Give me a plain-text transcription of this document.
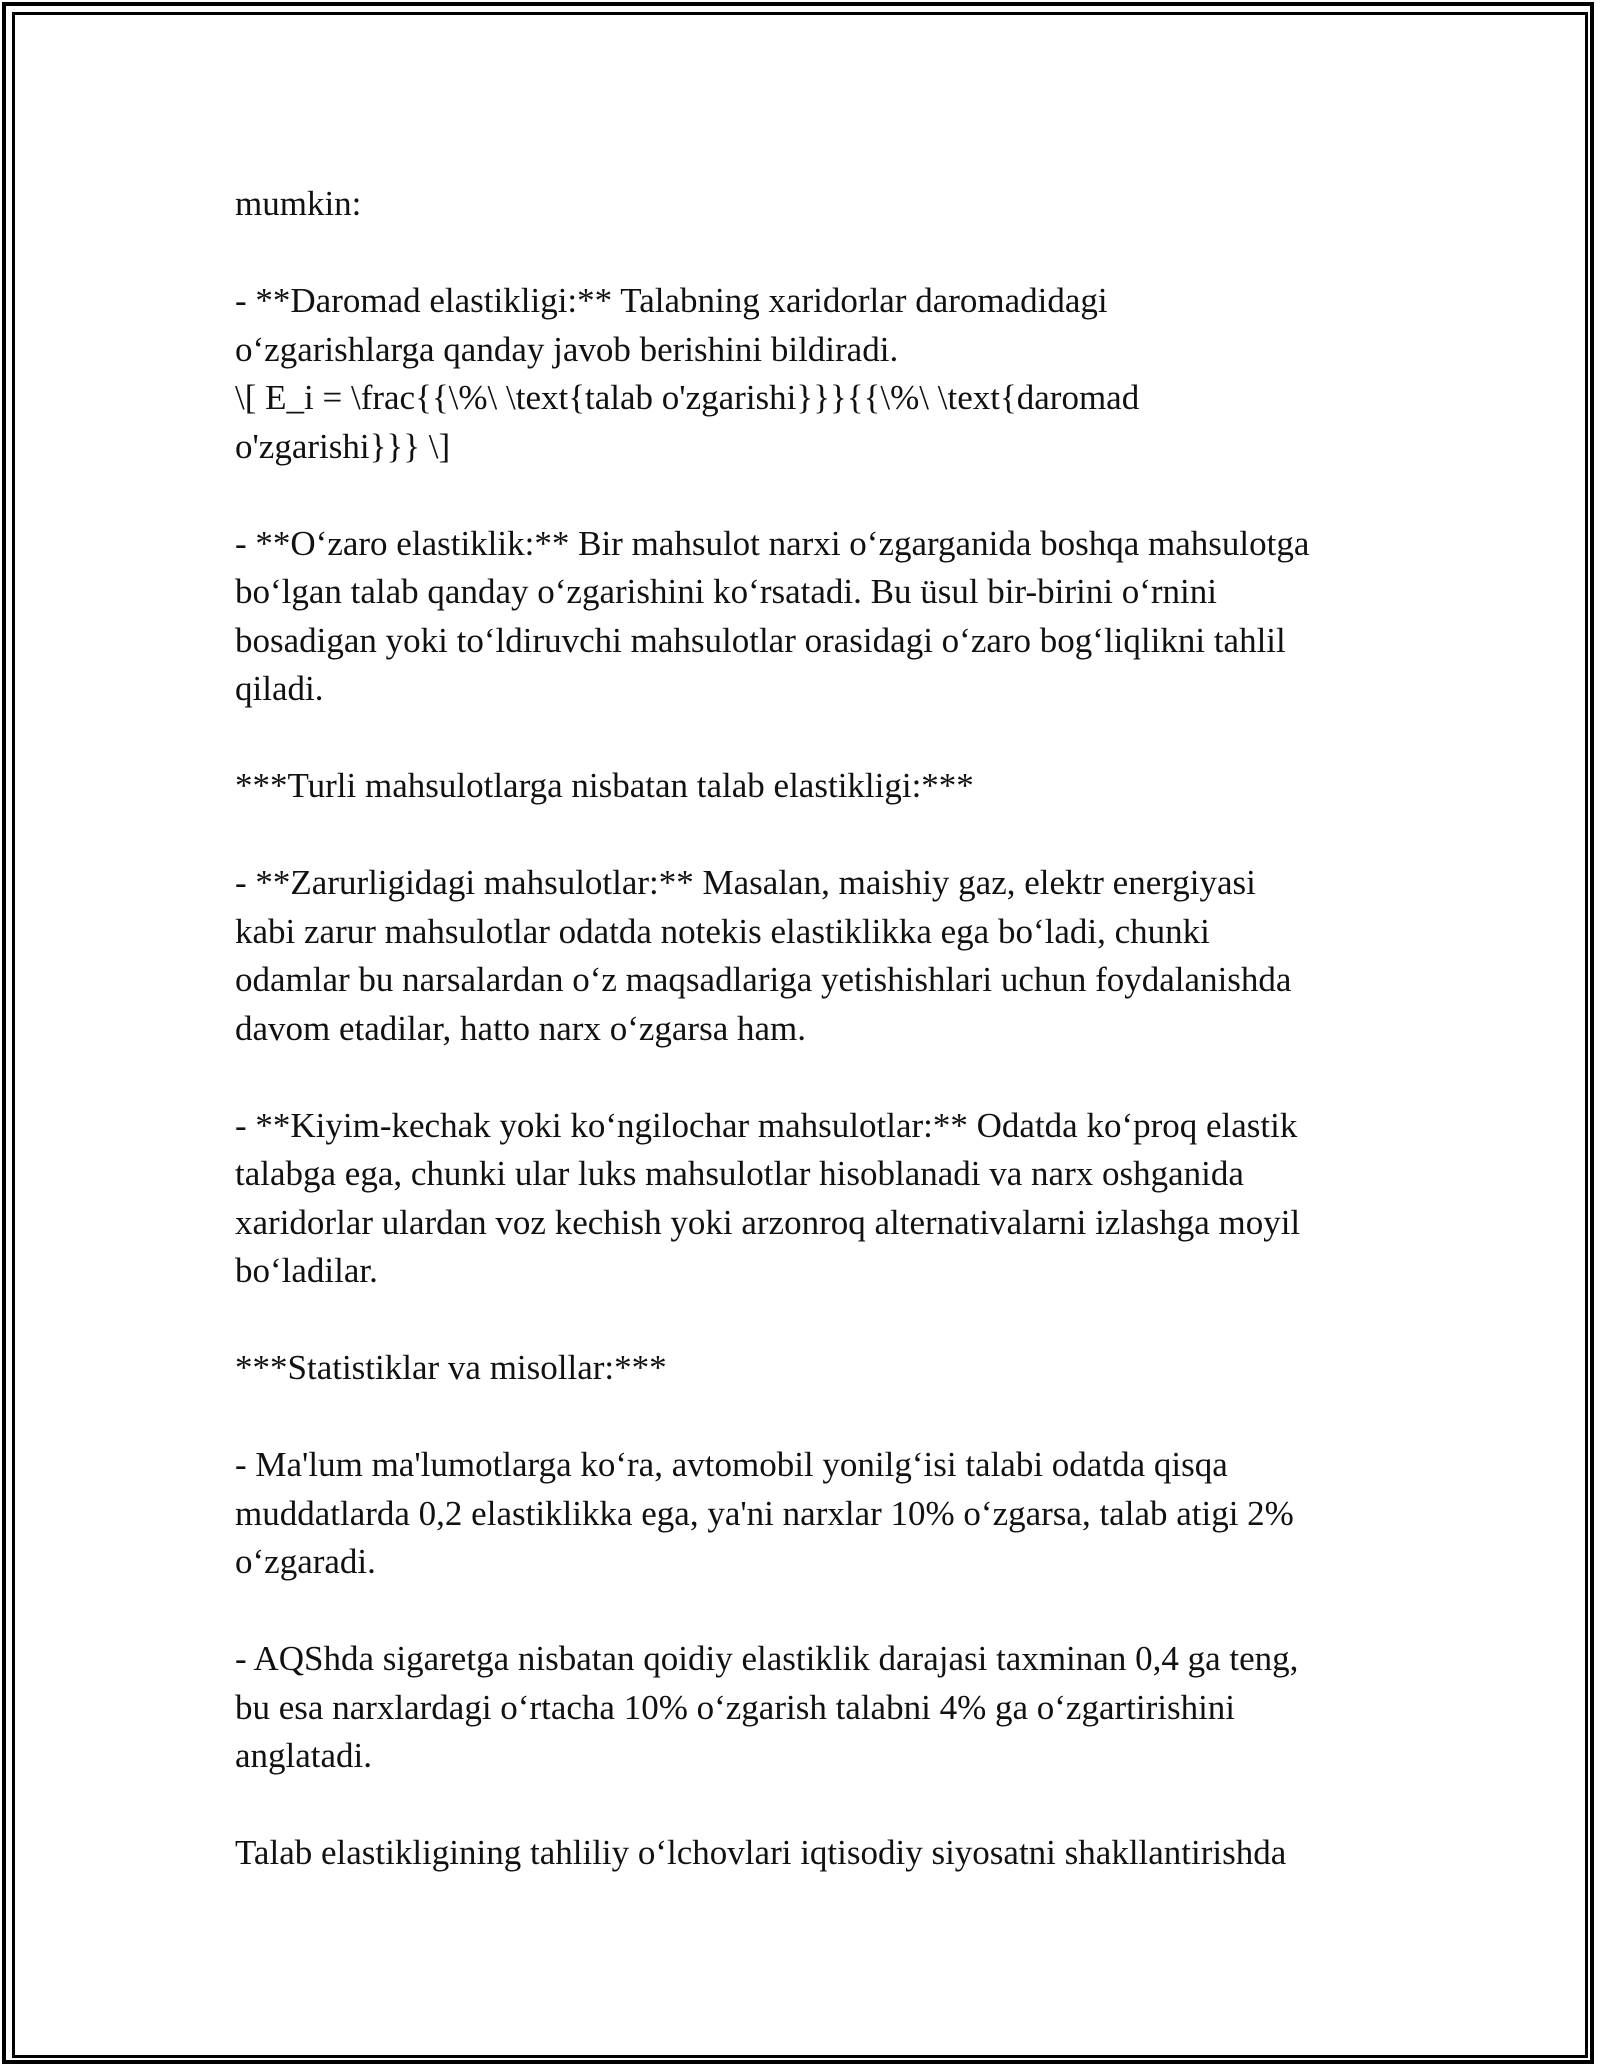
mumkin:

- **Daromad elastikligi:** Talabning xaridorlar daromadidagi
o‘zgarishlarga qanday javob berishini bildiradi.
\[ E_i = \frac{{\%\ \text{talab o'zgarishi}}}{{\%\ \text{daromad
o'zgarishi}}} \]

- **O‘zaro elastiklik:** Bir mahsulot narxi o‘zgarganida boshqa mahsulotga
bo‘lgan talab qanday o‘zgarishini ko‘rsatadi. Bu üsul bir-birini o‘rnini
bosadigan yoki to‘ldiruvchi mahsulotlar orasidagi o‘zaro bog‘liqlikni tahlil
qiladi.

***Turli mahsulotlarga nisbatan talab elastikligi:***

- **Zarurligidagi mahsulotlar:** Masalan, maishiy gaz, elektr energiyasi
kabi zarur mahsulotlar odatda notekis elastiklikka ega bo‘ladi, chunki
odamlar bu narsalardan o‘z maqsadlariga yetishishlari uchun foydalanishda
davom etadilar, hatto narx o‘zgarsa ham.

- **Kiyim-kechak yoki ko‘ngilochar mahsulotlar:** Odatda ko‘proq elastik
talabga ega, chunki ular luks mahsulotlar hisoblanadi va narx oshganida
xaridorlar ulardan voz kechish yoki arzonroq alternativalarni izlashga moyil
bo‘ladilar.

***Statistiklar va misollar:***

- Ma'lum ma'lumotlarga ko‘ra, avtomobil yonilg‘isi talabi odatda qisqa
muddatlarda 0,2 elastiklikka ega, ya'ni narxlar 10% o‘zgarsa, talab atigi 2%
o‘zgaradi.

- AQShda sigaretga nisbatan qoidiy elastiklik darajasi taxminan 0,4 ga teng,
bu esa narxlardagi o‘rtacha 10% o‘zgarish talabni 4% ga o‘zgartirishini
anglatadi.

Talab elastikligining tahliliy o‘lchovlari iqtisodiy siyosatni shakllantirishda
